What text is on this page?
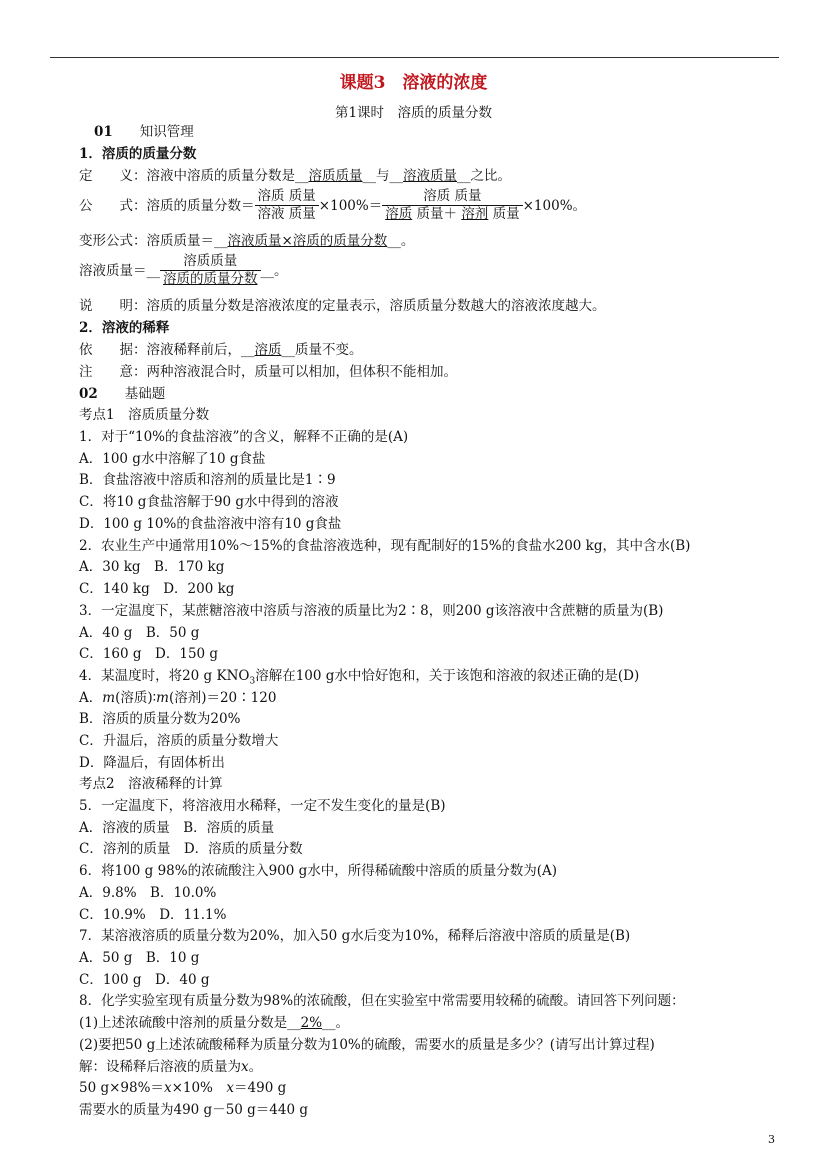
课题3　溶液的浓度
第1课时　溶质的质量分数
01　　 知识管理
1．溶质的质量分数
定　　义：溶液中溶质的质量分数是__溶质质量__与__溶液质量__之比。
公　　式：溶质的质量分数＝ $\frac{\text{溶质 质量}}{\text{溶液 质量}} \times 100\%= \frac{\text{溶质 质量}}{\text{溶质 质量＋ 溶剂 质量}} \times 100\%$。
变形公式：溶质质量＝__溶液质量×溶质的质量分数__。
溶液质量＝__ $\frac{\text{溶质质量}}{\text{溶质的质量分数}}$ __。
说　　明：溶质的质量分数是溶液浓度的定量表示，溶质质量分数越大的溶液浓度越大。
2．溶液的稀释
依　　据：溶液稀释前后，__溶质__质量不变。
注　　意：两种溶液混合时，质量可以相加，但体积不能相加。
02　　 基础题
考点1　溶质质量分数
1．对于“10%的食盐溶液”的含义，解释不正确的是(A)
A．100 g水中溶解了10 g食盐
B．食盐溶液中溶质和溶剂的质量比是1∶9
C．将10 g食盐溶解于90 g水中得到的溶液
D．100 g 10%的食盐溶液中溶有10 g食盐
2．农业生产中通常用10%～15%的食盐溶液选种，现有配制好的15%的食盐水200 kg，其中含水(B)
A．30 kg　B．170 kg
C．140 kg　D．200 kg
3．一定温度下，某蔗糖溶液中溶质与溶液的质量比为2∶8，则200 g该溶液中含蔗糖的质量为(B)
A．40 g　B．50 g
C．160 g　D．150 g
4．某温度时，将20 g $KNO_3$溶解在100 g水中恰好饱和，关于该饱和溶液的叙述正确的是(D)
A．m(溶质)∶m(溶剂)＝20∶120
B．溶质的质量分数为20%
C．升温后，溶质的质量分数增大
D．降温后，有固体析出
考点2　溶液稀释的计算
5．一定温度下，将溶液用水稀释，一定不发生变化的量是(B)
A．溶液的质量　B．溶质的质量
C．溶剂的质量　D．溶质的质量分数
6．将100 g 98%的浓硫酸注入900 g水中，所得稀硫酸中溶质的质量分数为(A)
A．9.8%　B．10.0%
C．10.9%　D．11.1%
7．某溶液溶质的质量分数为20%，加入50 g水后变为10%，稀释后溶液中溶质的质量是(B)
A．50 g　B．10 g
C．100 g　D．40 g
8．化学实验室现有质量分数为98%的浓硫酸，但在实验室中常需要用较稀的硫酸。请回答下列问题：
(1)上述浓硫酸中溶剂的质量分数是__2%__。
(2)要把50 g上述浓硫酸稀释为质量分数为10%的硫酸，需要水的质量是多少？(请写出计算过程)
解：设稀释后溶液的质量为x。
50 g×98%＝x×10%　x＝490 g
需要水的质量为490 g－50 g＝440 g
3
